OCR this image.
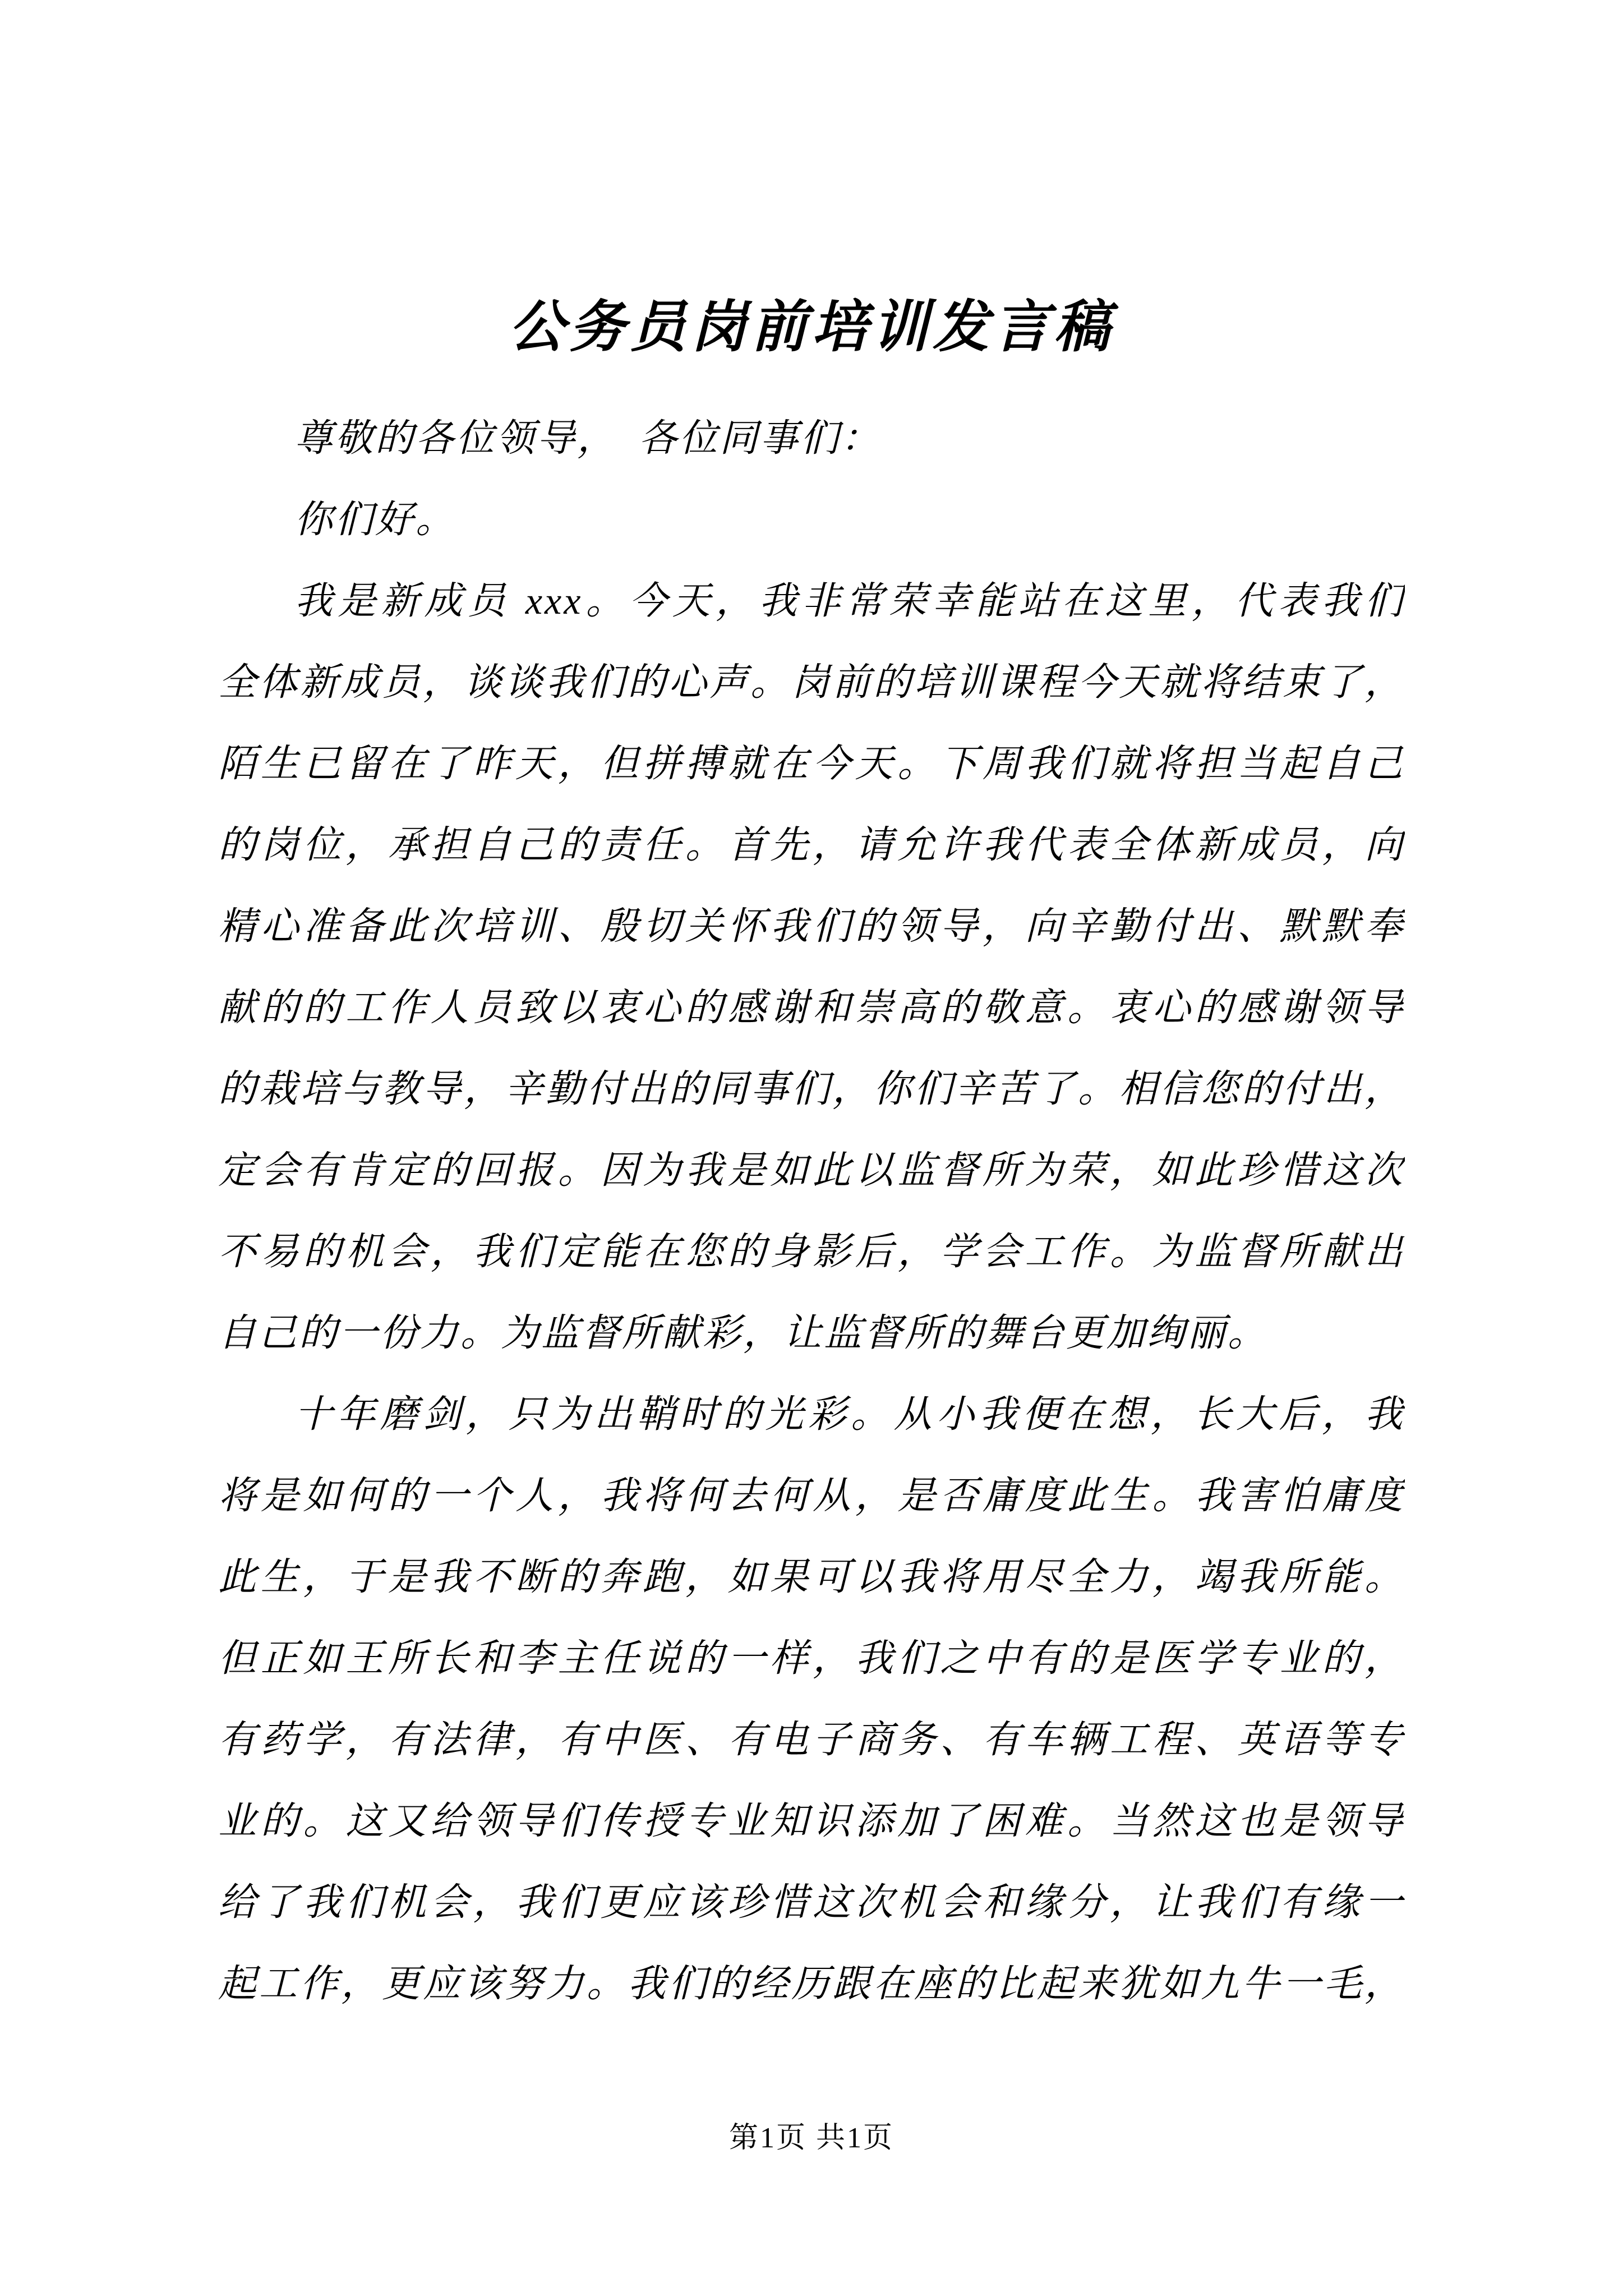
公务员岗前培训发言稿
尊敬的各位领导，　各位同事们：
你们好。
我是新成员 xxx。今天，我非常荣幸能站在这里，代表我们
全体新成员，谈谈我们的心声。岗前的培训课程今天就将结束了，
陌生已留在了昨天，但拼搏就在今天。下周我们就将担当起自己
的岗位，承担自己的责任。首先，请允许我代表全体新成员，向
精心准备此次培训、殷切关怀我们的领导，向辛勤付出、默默奉
献的的工作人员致以衷心的感谢和崇高的敬意。衷心的感谢领导
的栽培与教导，辛勤付出的同事们，你们辛苦了。相信您的付出，
定会有肯定的回报。因为我是如此以监督所为荣，如此珍惜这次
不易的机会，我们定能在您的身影后，学会工作。为监督所献出
自己的一份力。为监督所献彩，让监督所的舞台更加绚丽。
十年磨剑，只为出鞘时的光彩。从小我便在想，长大后，我
将是如何的一个人，我将何去何从，是否庸度此生。我害怕庸度
此生，于是我不断的奔跑，如果可以我将用尽全力，竭我所能。
但正如王所长和李主任说的一样，我们之中有的是医学专业的，
有药学，有法律，有中医、有电子商务、有车辆工程、英语等专
业的。这又给领导们传授专业知识添加了困难。当然这也是领导
给了我们机会，我们更应该珍惜这次机会和缘分，让我们有缘一
起工作，更应该努力。我们的经历跟在座的比起来犹如九牛一毛，
第1页 共1页
